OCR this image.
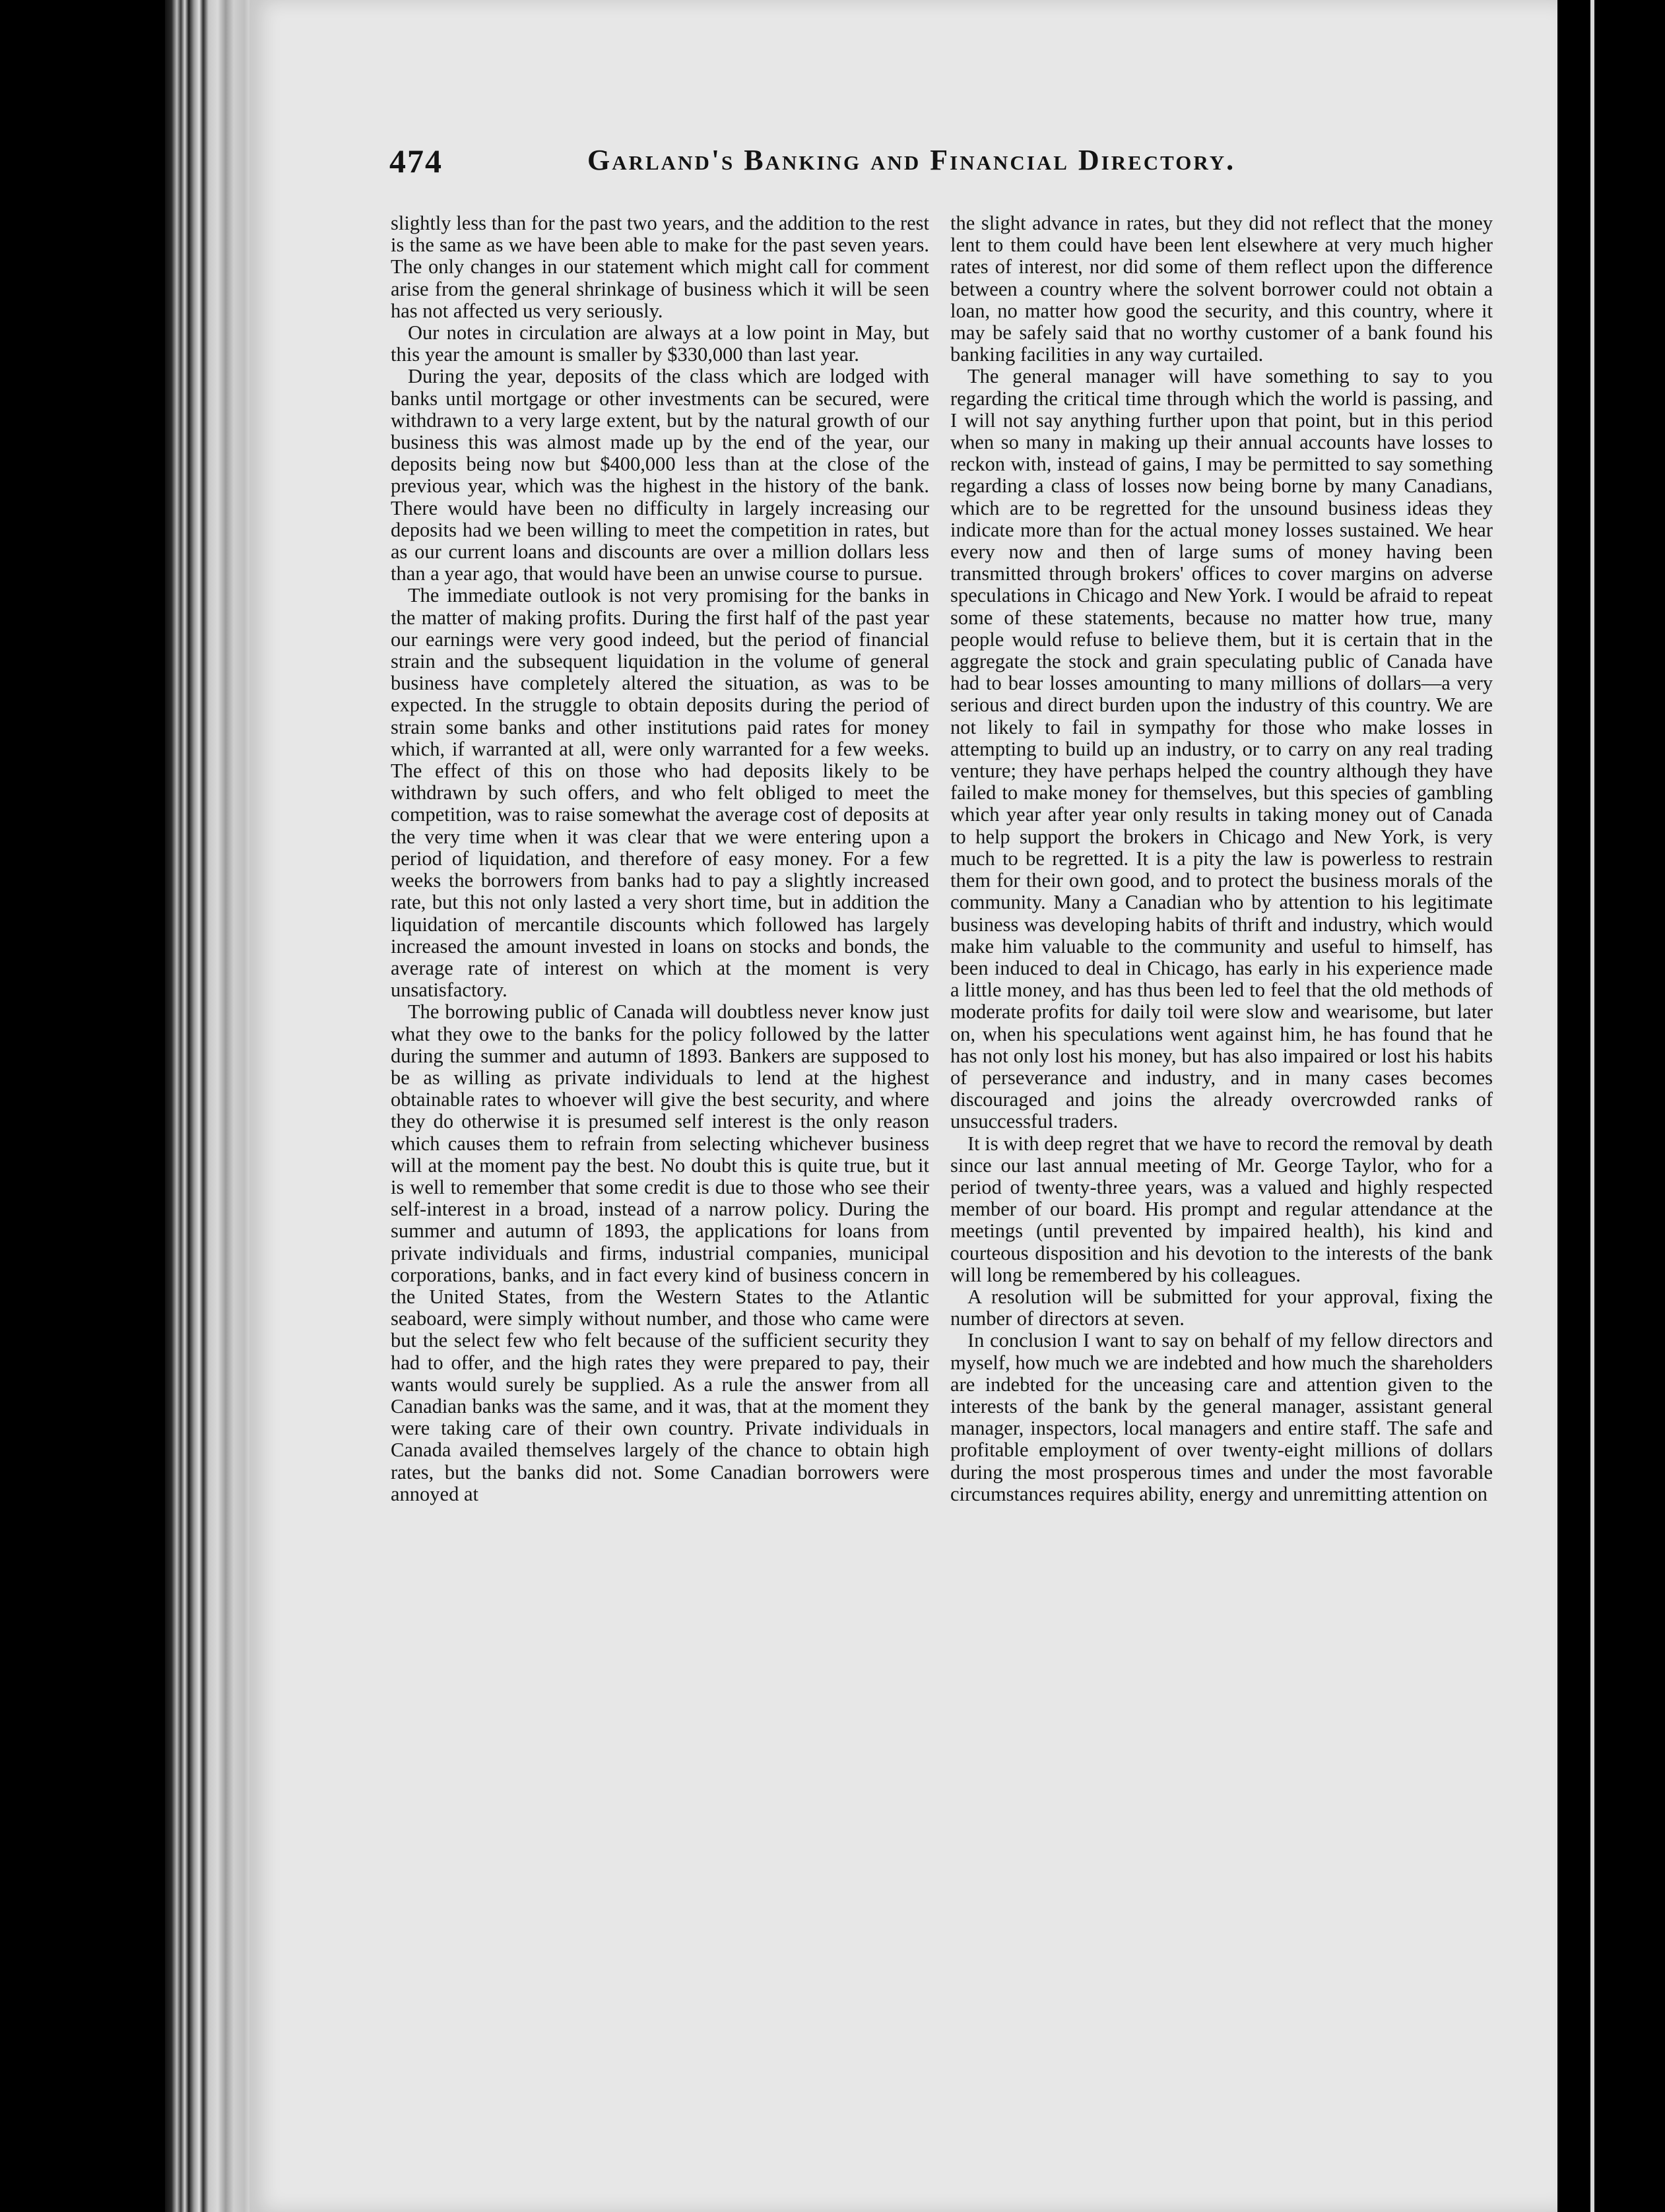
474	Garland's Banking and Financial Directory.

slightly less than for the past two years, and the addition to the rest is the same as we have been able to make for the past seven years. The only changes in our statement which might call for comment arise from the general shrinkage of business which it will be seen has not affected us very seriously.

Our notes in circulation are always at a low point in May, but this year the amount is smaller by $330,000 than last year.

During the year, deposits of the class which are lodged with banks until mortgage or other investments can be secured, were withdrawn to a very large extent, but by the natural growth of our business this was almost made up by the end of the year, our deposits being now but $400,000 less than at the close of the previous year, which was the highest in the history of the bank. There would have been no difficulty in largely increasing our deposits had we been willing to meet the competition in rates, but as our current loans and discounts are over a million dollars less than a year ago, that would have been an unwise course to pursue.

The immediate outlook is not very promising for the banks in the matter of making profits. During the first half of the past year our earnings were very good indeed, but the period of financial strain and the subsequent liquidation in the volume of general business have completely altered the situation, as was to be expected. In the struggle to obtain deposits during the period of strain some banks and other institutions paid rates for money which, if warranted at all, were only warranted for a few weeks. The effect of this on those who had deposits likely to be withdrawn by such offers, and who felt obliged to meet the competition, was to raise somewhat the average cost of deposits at the very time when it was clear that we were entering upon a period of liquidation, and therefore of easy money. For a few weeks the borrowers from banks had to pay a slightly increased rate, but this not only lasted a very short time, but in addition the liquidation of mercantile discounts which followed has largely increased the amount invested in loans on stocks and bonds, the average rate of interest on which at the moment is very unsatisfactory.

The borrowing public of Canada will doubtless never know just what they owe to the banks for the policy followed by the latter during the summer and autumn of 1893. Bankers are supposed to be as willing as private individuals to lend at the highest obtainable rates to whoever will give the best security, and where they do otherwise it is presumed self interest is the only reason which causes them to refrain from selecting whichever business will at the moment pay the best. No doubt this is quite true, but it is well to remember that some credit is due to those who see their self-interest in a broad, instead of a narrow policy. During the summer and autumn of 1893, the applications for loans from private individuals and firms, industrial companies, municipal corporations, banks, and in fact every kind of business concern in the United States, from the Western States to the Atlantic seaboard, were simply without number, and those who came were but the select few who felt because of the sufficient security they had to offer, and the high rates they were prepared to pay, their wants would surely be supplied. As a rule the answer from all Canadian banks was the same, and it was, that at the moment they were taking care of their own country. Private individuals in Canada availed themselves largely of the chance to obtain high rates, but the banks did not. Some Canadian borrowers were annoyed at

the slight advance in rates, but they did not reflect that the money lent to them could have been lent elsewhere at very much higher rates of interest, nor did some of them reflect upon the difference between a country where the solvent borrower could not obtain a loan, no matter how good the security, and this country, where it may be safely said that no worthy customer of a bank found his banking facilities in any way curtailed.

The general manager will have something to say to you regarding the critical time through which the world is passing, and I will not say anything further upon that point, but in this period when so many in making up their annual accounts have losses to reckon with, instead of gains, I may be permitted to say something regarding a class of losses now being borne by many Canadians, which are to be regretted for the unsound business ideas they indicate more than for the actual money losses sustained. We hear every now and then of large sums of money having been transmitted through brokers' offices to cover margins on adverse speculations in Chicago and New York. I would be afraid to repeat some of these statements, because no matter how true, many people would refuse to believe them, but it is certain that in the aggregate the stock and grain speculating public of Canada have had to bear losses amounting to many millions of dollars—a very serious and direct burden upon the industry of this country. We are not likely to fail in sympathy for those who make losses in attempting to build up an industry, or to carry on any real trading venture; they have perhaps helped the country although they have failed to make money for themselves, but this species of gambling which year after year only results in taking money out of Canada to help support the brokers in Chicago and New York, is very much to be regretted. It is a pity the law is powerless to restrain them for their own good, and to protect the business morals of the community. Many a Canadian who by attention to his legitimate business was developing habits of thrift and industry, which would make him valuable to the community and useful to himself, has been induced to deal in Chicago, has early in his experience made a little money, and has thus been led to feel that the old methods of moderate profits for daily toil were slow and wearisome, but later on, when his speculations went against him, he has found that he has not only lost his money, but has also impaired or lost his habits of perseverance and industry, and in many cases becomes discouraged and joins the already overcrowded ranks of unsuccessful traders.

It is with deep regret that we have to record the removal by death since our last annual meeting of Mr. George Taylor, who for a period of twenty-three years, was a valued and highly respected member of our board. His prompt and regular attendance at the meetings (until prevented by impaired health), his kind and courteous disposition and his devotion to the interests of the bank will long be remembered by his colleagues.

A resolution will be submitted for your approval, fixing the number of directors at seven.

In conclusion I want to say on behalf of my fellow directors and myself, how much we are indebted and how much the shareholders are indebted for the unceasing care and attention given to the interests of the bank by the general manager, assistant general manager, inspectors, local managers and entire staff. The safe and profitable employment of over twenty-eight millions of dollars during the most prosperous times and under the most favorable circumstances requires ability, energy and unremitting attention on
